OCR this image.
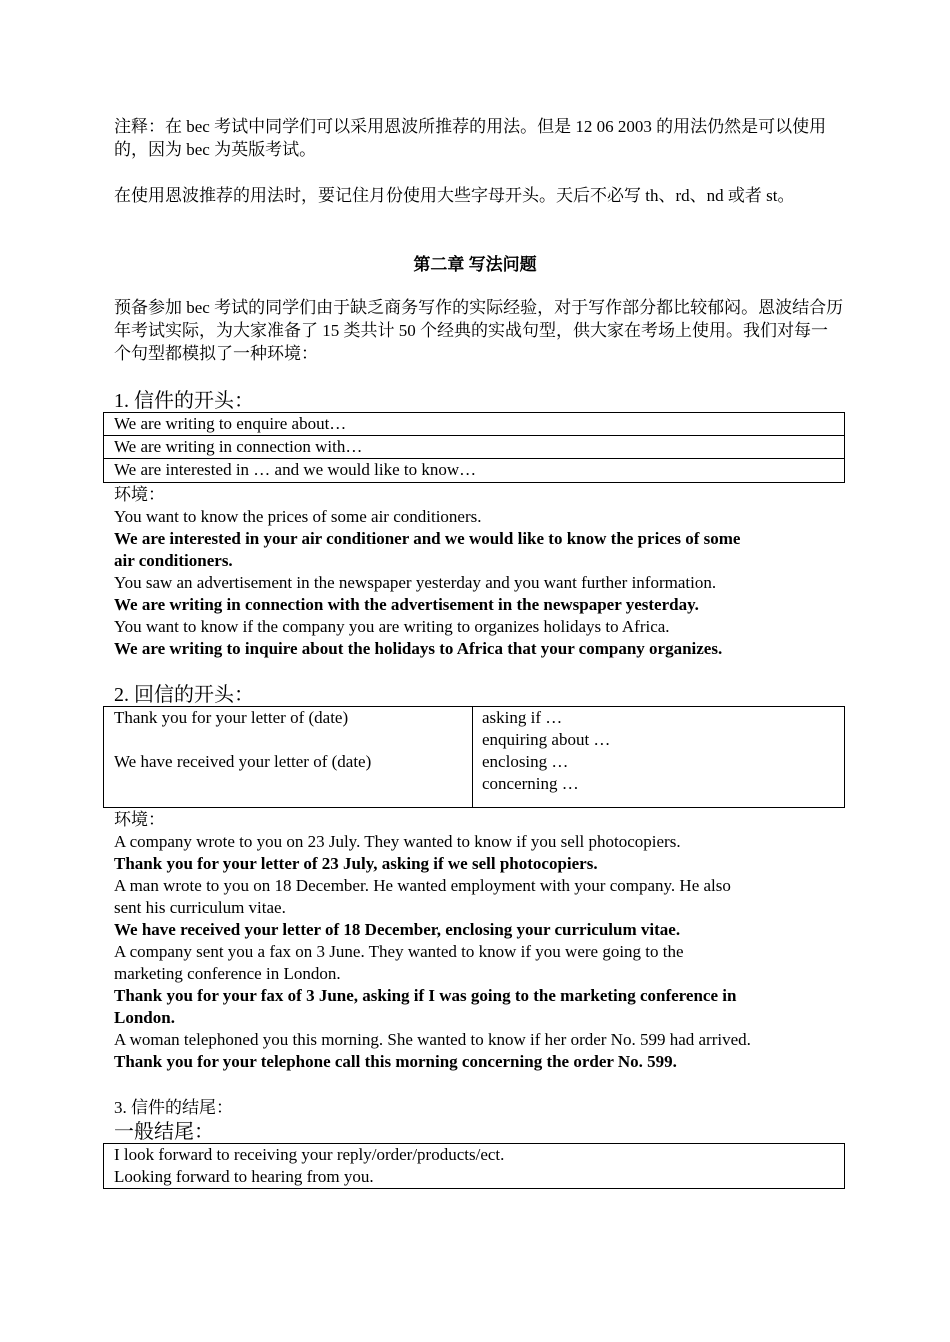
注释：在 bec 考试中同学们可以采用恩波所推荐的用法。但是 12 06 2003 的用法仍然是可以使用的，因为 bec 为英版考试。
在使用恩波推荐的用法时，要记住月份使用大些字母开头。天后不必写 th、rd、nd 或者 st。
第二章 写法问题
预备参加 bec 考试的同学们由于缺乏商务写作的实际经验，对于写作部分都比较郁闷。恩波结合历年考试实际，为大家准备了 15 类共计 50 个经典的实战句型，供大家在考场上使用。我们对每一个句型都模拟了一种环境：
1. 信件的开头：
We are writing to enquire about…
We are writing in connection with…
We are interested in … and we would like to know…
环境：
You want to know the prices of some air conditioners.
We are interested in your air conditioner and we would like to know the prices of some
air conditioners.
You saw an advertisement in the newspaper yesterday and you want further information.
We are writing in connection with the advertisement in the newspaper yesterday.
You want to know if the company you are writing to organizes holidays to Africa.
We are writing to inquire about the holidays to Africa that your company organizes.
2. 回信的开头：
Thank you for your letter of (date)
We have received your letter of (date)
asking if …
enquiring about …
enclosing …
concerning …
环境：
A company wrote to you on 23 July. They wanted to know if you sell photocopiers.
Thank you for your letter of 23 July, asking if we sell photocopiers.
A man wrote to you on 18 December. He wanted employment with your company. He also
sent his curriculum vitae.
We have received your letter of 18 December, enclosing your curriculum vitae.
A company sent you a fax on 3 June. They wanted to know if you were going to the
marketing conference in London.
Thank you for your fax of 3 June, asking if I was going to the marketing conference in
London.
A woman telephoned you this morning. She wanted to know if her order No. 599 had arrived.
Thank you for your telephone call this morning concerning the order No. 599.
3. 信件的结尾：
一般结尾：
I look forward to receiving your reply/order/products/ect.
Looking forward to hearing from you.
